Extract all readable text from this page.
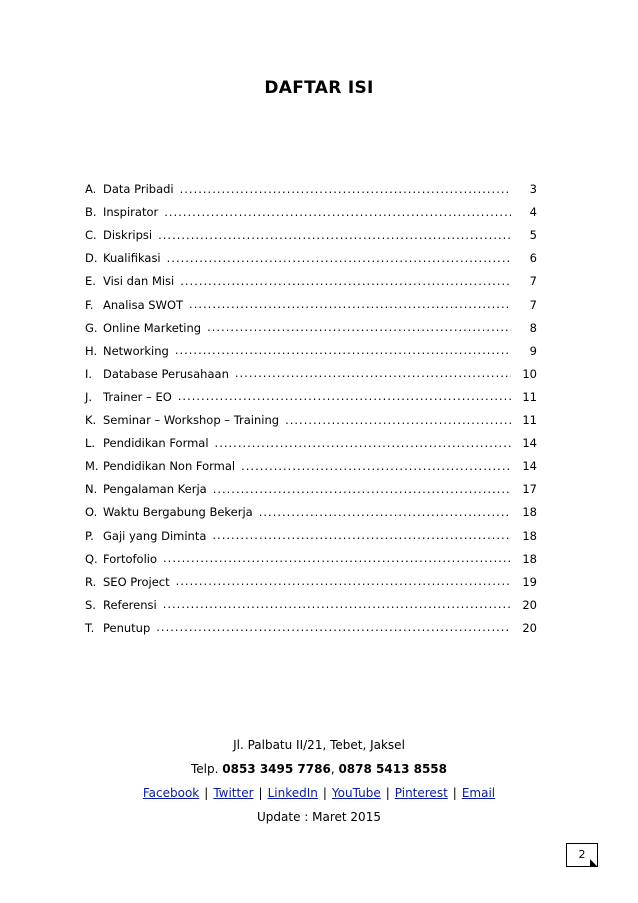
DAFTAR ISI
A. Data Pribadi .....	3
B. Inspirator .....	4
C. Diskripsi .....	5
D. Kualifikasi .....	6
E. Visi dan Misi .....	7
F. Analisa SWOT .....	7
G. Online Marketing .....	8
H. Networking .....	9
I. Database Perusahaan .....	10
J. Trainer – EO .....	11
K. Seminar – Workshop – Training .....	11
L. Pendidikan Formal .....	14
M. Pendidikan Non Formal .....	14
N. Pengalaman Kerja .....	17
O. Waktu Bergabung Bekerja .....	18
P. Gaji yang Diminta .....	18
Q. Fortofolio .....	18
R. SEO Project .....	19
S. Referensi .....	20
T. Penutup .....	20
Jl. Palbatu II/21, Tebet, Jaksel
Telp. 0853 3495 7786, 0878 5413 8558
Facebook | Twitter | LinkedIn | YouTube | Pinterest | Email
Update : Maret 2015
2
